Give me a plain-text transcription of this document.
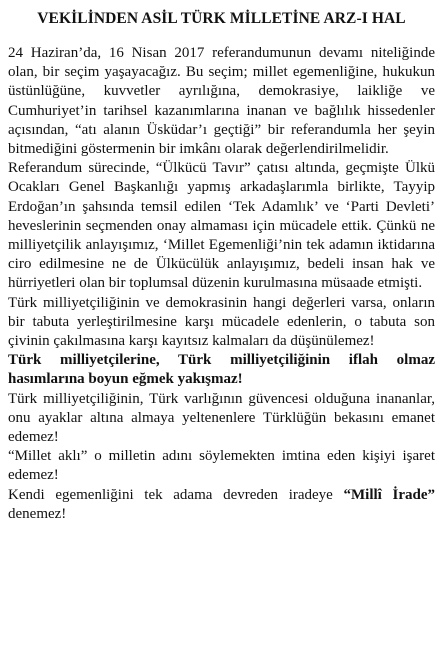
VEKİLİNDEN ASİL TÜRK MİLLETİNE ARZ-I HAL

24 Haziran’da, 16 Nisan 2017 referandumunun devamı niteliğinde olan, bir seçim yaşayacağız. Bu seçim; millet egemenliğine, hukukun üstünlüğüne, kuvvetler ayrılığına, demokrasiye, laikliğe ve Cumhuriyet’in tarihsel kazanımlarına inanan ve bağlılık hissedenler açısından, “atı alanın Üsküdar’ı geçtiği” bir referandumla her şeyin bitmediğini göstermenin bir imkânı olarak değerlendirilmelidir.

Referandum sürecinde, “Ülkücü Tavır” çatısı altında, geçmişte Ülkü Ocakları Genel Başkanlığı yapmış arkadaşlarımla birlikte, Tayyip Erdoğan’ın şahsında temsil edilen ‘Tek Adamlık’ ve ‘Parti Devleti’ heveslerinin seçmenden onay almaması için mücadele ettik. Çünkü ne milliyetçilik anlayışımız, ‘Millet Egemenliği’nin tek adamın iktidarına ciro edilmesine ne de Ülkücülük anlayışımız, bedeli insan hak ve hürriyetleri olan bir toplumsal düzenin kurulmasına müsaade etmişti.

Türk milliyetçiliğinin ve demokrasinin hangi değerleri varsa, onların bir tabuta yerleştirilmesine karşı mücadele edenlerin, o tabuta son çivinin çakılmasına karşı kayıtsız kalmaları da düşünülemez!

Türk milliyetçilerine, Türk milliyetçiliğinin iflah olmaz hasımlarına boyun eğmek yakışmaz!

Türk milliyetçiliğinin, Türk varlığının güvencesi olduğuna inananlar, onu ayaklar altına almaya yeltenenlere Türklüğün bekasını emanet edemez!

“Millet aklı” o milletin adını söylemekten imtina eden kişiyi işaret edemez!

Kendi egemenliğini tek adama devreden iradeye “Millî İrade” denemez!
